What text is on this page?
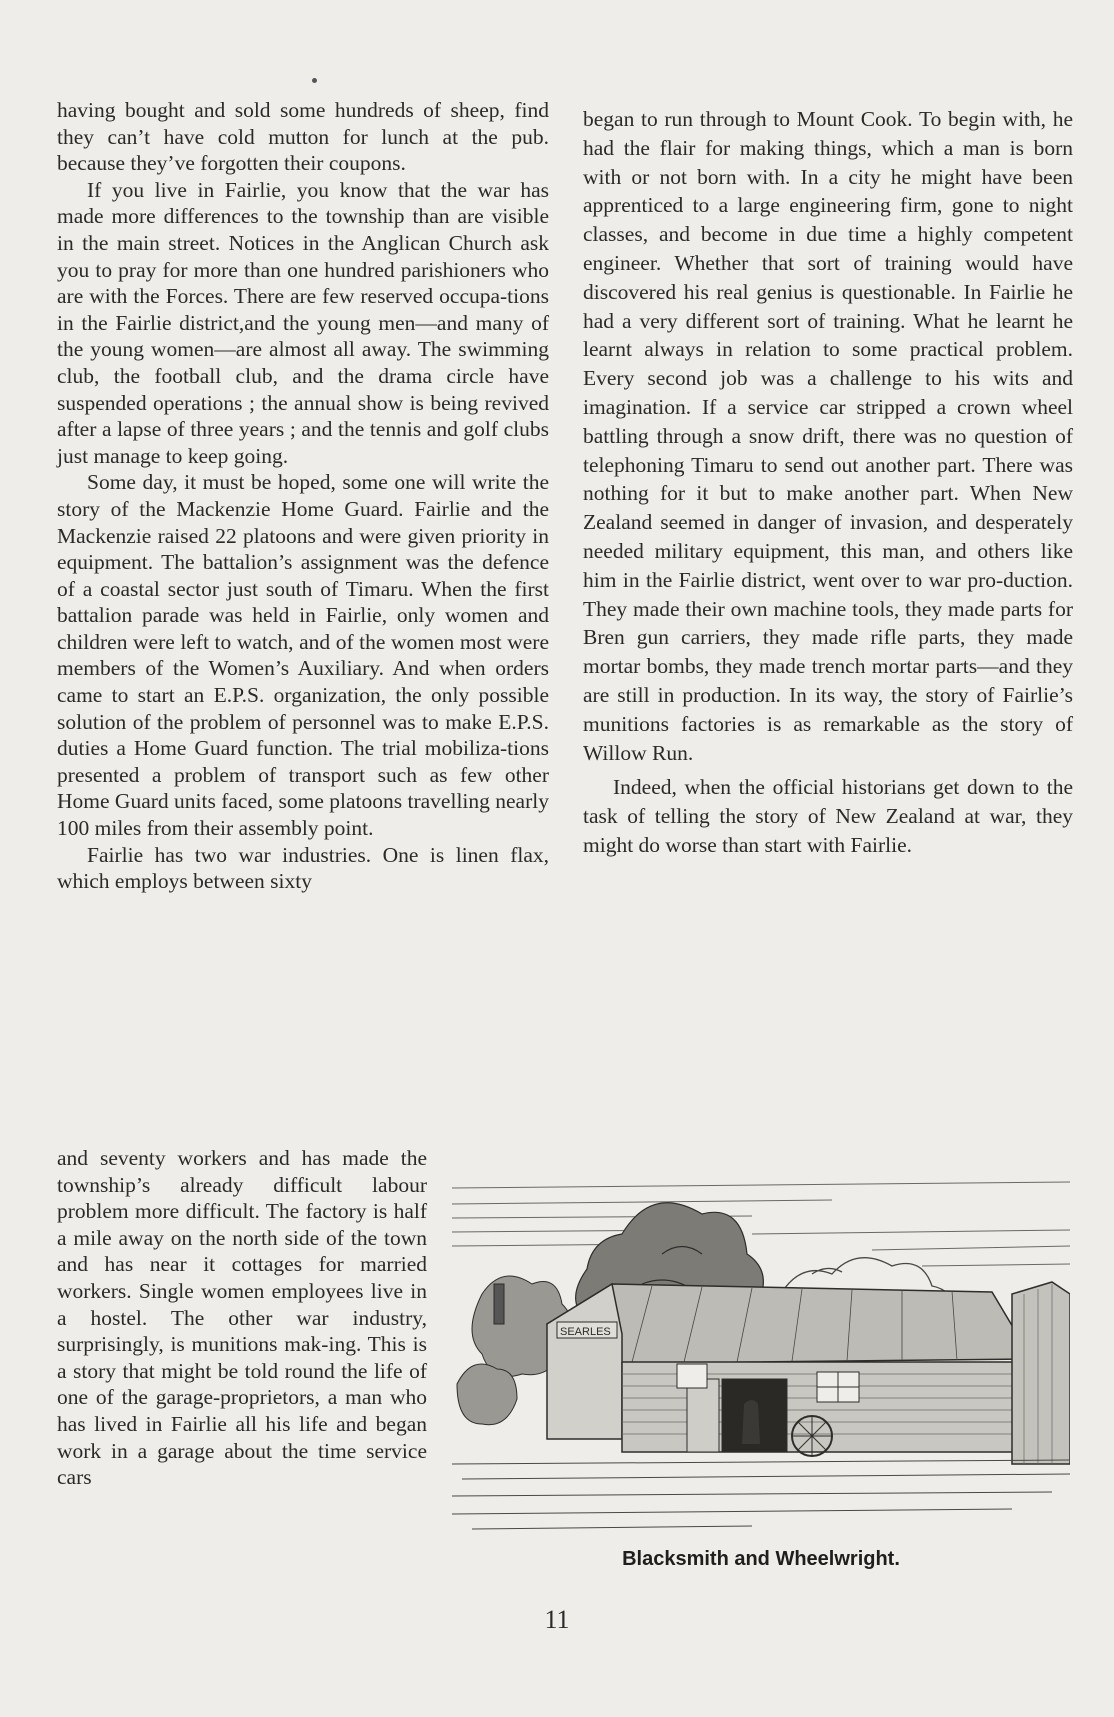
having bought and sold some hundreds of sheep, find they can’t have cold mutton for lunch at the pub. because they’ve forgotten their coupons.

If you live in Fairlie, you know that the war has made more differences to the township than are visible in the main street. Notices in the Anglican Church ask you to pray for more than one hundred parishioners who are with the Forces. There are few reserved occupa-tions in the Fairlie district,and the young men—and many of the young women—are almost all away. The swimming club, the football club, and the drama circle have suspended operations ; the annual show is being revived after a lapse of three years ; and the tennis and golf clubs just manage to keep going.

Some day, it must be hoped, some one will write the story of the Mackenzie Home Guard. Fairlie and the Mackenzie raised 22 platoons and were given priority in equipment. The battalion’s assignment was the defence of a coastal sector just south of Timaru. When the first battalion parade was held in Fairlie, only women and children were left to watch, and of the women most were members of the Women’s Auxiliary. And when orders came to start an E.P.S. organization, the only possible solution of the problem of personnel was to make E.P.S. duties a Home Guard function. The trial mobiliza-tions presented a problem of transport such as few other Home Guard units faced, some platoons travelling nearly 100 miles from their assembly point.

Fairlie has two war industries. One is linen flax, which employs between sixty

and seventy workers and has made the township’s already difficult labour problem more difficult. The factory is half a mile away on the north side of the town and has near it cottages for married workers. Single women employees live in a hostel. The other war industry, surprisingly, is munitions mak-ing. This is a story that might be told round the life of one of the garage-proprietors, a man who has lived in Fairlie all his life and began work in a garage about the time service cars

began to run through to Mount Cook. To begin with, he had the flair for making things, which a man is born with or not born with. In a city he might have been apprenticed to a large engineering firm, gone to night classes, and become in due time a highly competent engineer. Whether that sort of training would have discovered his real genius is questionable. In Fairlie he had a very different sort of training. What he learnt he learnt always in relation to some practical problem. Every second job was a challenge to his wits and imagination. If a service car stripped a crown wheel battling through a snow drift, there was no question of telephoning Timaru to send out another part. There was nothing for it but to make another part. When New Zealand seemed in danger of invasion, and desperately needed military equipment, this man, and others like him in the Fairlie district, went over to war pro-duction. They made their own machine tools, they made parts for Bren gun carriers, they made rifle parts, they made mortar bombs, they made trench mortar parts—and they are still in production. In its way, the story of Fairlie’s munitions factories is as remarkable as the story of Willow Run.

Indeed, when the official historians get down to the task of telling the story of New Zealand at war, they might do worse than start with Fairlie.

SEARLES
Blacksmith and Wheelwright.
11
